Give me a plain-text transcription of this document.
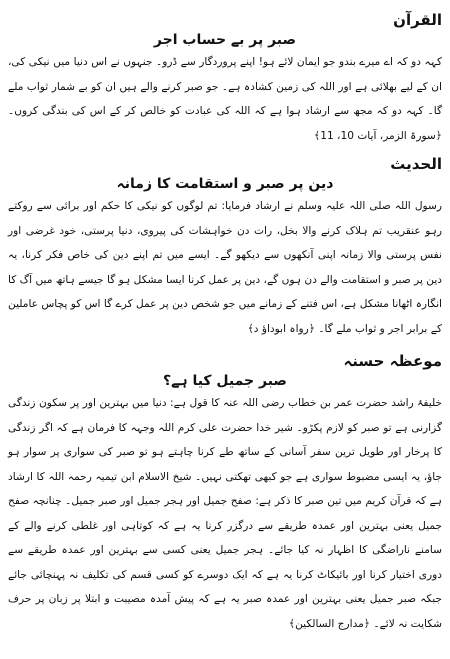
القرآن
صبر پر بے حساب اجر

کہہ دو کہ اے میرے بندو جو ایمان لائے ہو! اپنے پروردگار سے ڈرو۔ جنہوں نے اس دنیا میں نیکی کی، ان کے لیے بھلائی ہے اور اللہ کی زمین کشادہ ہے۔ جو صبر کرنے والے ہیں ان کو بے شمار ثواب ملے گا۔ کہہ دو کہ مجھ سے ارشاد ہوا ہے کہ اللہ کی عبادت کو خالص کر کے اس کی بندگی کروں۔ ﴿سورۃ الزمر، آیات 10، 11﴾

الحدیث
دین پر صبر و استقامت کا زمانہ

رسول اللہ صلی اللہ علیہ وسلم نے ارشاد فرمایا: تم لوگوں کو نیکی کا حکم اور برائی سے روکتے رہو عنقریب تم ہلاک کرنے والا بخل، رات دن خواہشات کی پیروی، دنیا پرستی، خود غرضی اور نفس پرستی والا زمانہ اپنی آنکھوں سے دیکھو گے۔ ایسے میں تم اپنے دین کی خاص فکر کرنا، یہ دین پر صبر و استقامت والے دن ہوں گے، دین پر عمل کرنا ایسا مشکل ہو گا جیسے ہاتھ میں آگ کا انگارہ اٹھانا مشکل ہے، اس فتنے کے زمانے میں جو شخص دین پر عمل کرے گا اس کو پچاس عاملین کے برابر اجر و ثواب ملے گا۔ ﴿رواہ ابوداؤ د﴾

موعظہ حسنہ
صبر جمیل کیا ہے؟

خلیفۂ راشد حضرت عمر بن خطاب رضی اللہ عنہ کا قول ہے: دنیا میں بہترین اور پر سکون زندگی گزارنی ہے تو صبر کو لازم پکڑو۔ شیر خدا حضرت علی کرم اللہ وجہہ کا فرمان ہے کہ اگر زندگی کا پرخار اور طویل ترین سفر آسانی کے ساتھ طے کرنا چاہتے ہو تو صبر کی سواری پر سوار ہو جاؤ، یہ ایسی مضبوط سواری ہے جو کبھی تھکتی نہیں۔ شیخ الاسلام ابن تیمیہ رحمہ اللہ کا ارشاد ہے کہ قرآن کریم میں تین صبر کا ذکر ہے: صفح جمیل اور ہجر جمیل اور صبر جمیل۔ چنانچہ صفح جمیل یعنی بہترین اور عمدہ طریقے سے درگزر کرنا یہ ہے کہ کوتاہی اور غلطی کرنے والے کے سامنے ناراضگی کا اظہار نہ کیا جائے۔ ہجر جمیل یعنی کسی سے بہترین اور عمدہ طریقے سے دوری اختیار کرنا اور بائیکاٹ کرنا یہ ہے کہ ایک دوسرے کو کسی قسم کی تکلیف نہ پہنچائی جائے جبکہ صبر جمیل یعنی بہترین اور عمدہ صبر یہ ہے کہ پیش آمدہ مصیبت و ابتلا پر زبان پر حرف شکایت نہ لائے۔ ﴿مدارج السالکین﴾
